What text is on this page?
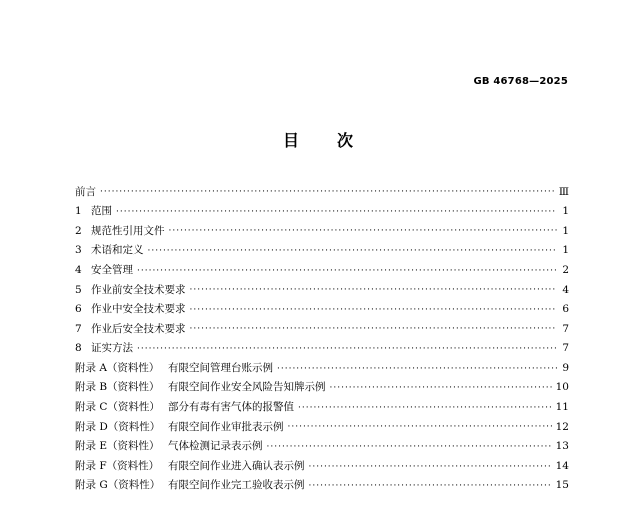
GB 46768—2025
目 次
前言 ·····	Ⅲ
1 范围 ·····	1
2 规范性引用文件 ·····	1
3 术语和定义 ·····	1
4 安全管理 ·····	2
5 作业前安全技术要求 ·····	4
6 作业中安全技术要求 ·····	6
7 作业后安全技术要求 ·····	7
8 证实方法 ·····	7
附录 A（资料性） 有限空间管理台账示例 ·····	9
附录 B（资料性） 有限空间作业安全风险告知牌示例 ·····	10
附录 C（资料性） 部分有毒有害气体的报警值 ·····	11
附录 D（资料性） 有限空间作业审批表示例 ·····	12
附录 E（资料性） 气体检测记录表示例 ·····	13
附录 F（资料性） 有限空间作业进入确认表示例 ·····	14
附录 G（资料性） 有限空间作业完工验收表示例 ·····	15
